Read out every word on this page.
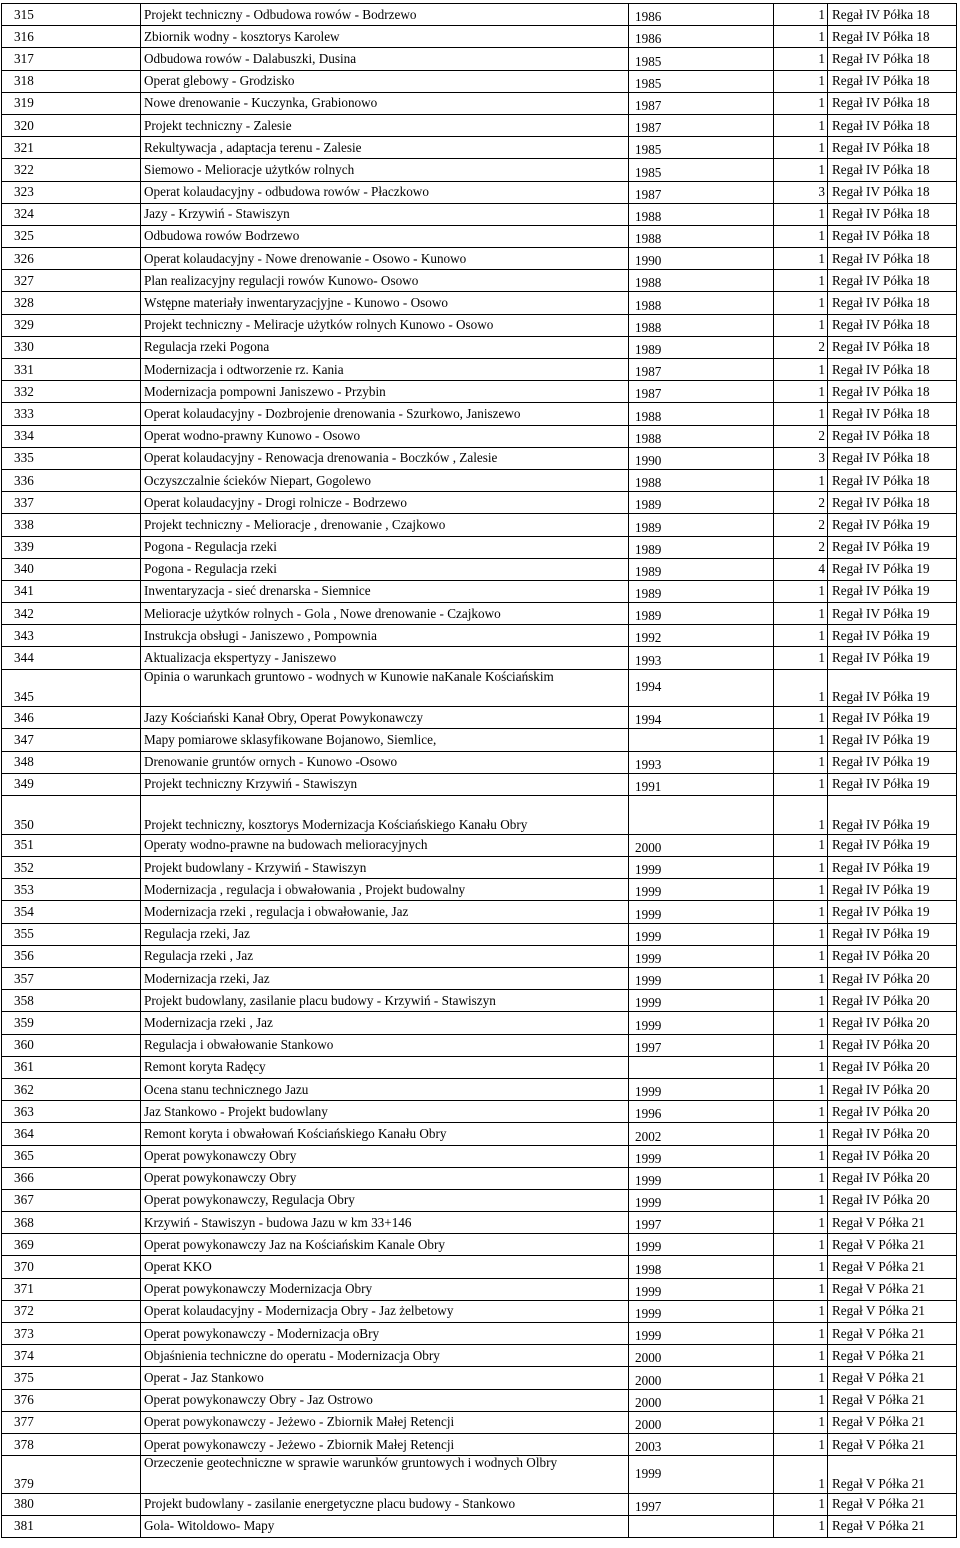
315	Projekt techniczny - Odbudowa rowów - Bodrzewo	1986	1	Regał IV Półka 18
316	Zbiornik wodny - kosztorys Karolew	1986	1	Regał IV Półka 18
317	Odbudowa rowów - Dalabuszki, Dusina	1985	1	Regał IV Półka 18
318	Operat glebowy - Grodzisko	1985	1	Regał IV Półka 18
319	Nowe drenowanie - Kuczynka, Grabionowo	1987	1	Regał IV Półka 18
320	Projekt techniczny - Zalesie	1987	1	Regał IV Półka 18
321	Rekultywacja , adaptacja terenu - Zalesie	1985	1	Regał IV Półka 18
322	Siemowo - Melioracje użytków rolnych	1985	1	Regał IV Półka 18
323	Operat kolaudacyjny - odbudowa rowów - Płaczkowo	1987	3	Regał IV Półka 18
324	Jazy - Krzywiń - Stawiszyn	1988	1	Regał IV Półka 18
325	Odbudowa rowów Bodrzewo	1988	1	Regał IV Półka 18
326	Operat kolaudacyjny - Nowe drenowanie - Osowo - Kunowo	1990	1	Regał IV Półka 18
327	Plan realizacyjny regulacji rowów Kunowo- Osowo	1988	1	Regał IV Półka 18
328	Wstępne materiały inwentaryzacjyjne - Kunowo - Osowo	1988	1	Regał IV Półka 18
329	Projekt techniczny - Meliracje użytków rolnych Kunowo - Osowo	1988	1	Regał IV Półka 18
330	Regulacja rzeki Pogona	1989	2	Regał IV Półka 18
331	Modernizacja i odtworzenie rz. Kania	1987	1	Regał IV Półka 18
332	Modernizacja pompowni Janiszewo - Przybin	1987	1	Regał IV Półka 18
333	Operat kolaudacyjny - Dozbrojenie drenowania - Szurkowo, Janiszewo	1988	1	Regał IV Półka 18
334	Operat wodno-prawny Kunowo - Osowo	1988	2	Regał IV Półka 18
335	Operat kolaudacyjny - Renowacja drenowania - Boczków , Zalesie	1990	3	Regał IV Półka 18
336	Oczyszczalnie ścieków Niepart, Gogolewo	1988	1	Regał IV Półka 18
337	Operat kolaudacyjny - Drogi rolnicze - Bodrzewo	1989	2	Regał IV Półka 18
338	Projekt techniczny - Melioracje , drenowanie , Czajkowo	1989	2	Regał IV Półka 19
339	Pogona - Regulacja rzeki	1989	2	Regał IV Półka 19
340	Pogona - Regulacja rzeki	1989	4	Regał IV Półka 19
341	Inwentaryzacja - sieć drenarska - Siemnice	1989	1	Regał IV Półka 19
342	Melioracje użytków rolnych - Gola , Nowe drenowanie - Czajkowo	1989	1	Regał IV Półka 19
343	Instrukcja obsługi - Janiszewo , Pompownia	1992	1	Regał IV Półka 19
344	Aktualizacja ekspertyzy - Janiszewo	1993	1	Regał IV Półka 19
345	Opinia o warunkach gruntowo - wodnych w Kunowie naKanale Kościańskim	1994	1	Regał IV Półka 19
346	Jazy Kościański Kanał Obry, Operat Powykonawczy	1994	1	Regał IV Półka 19
347	Mapy pomiarowe sklasyfikowane Bojanowo, Siemlice,		1	Regał IV Półka 19
348	Drenowanie gruntów ornych - Kunowo -Osowo	1993	1	Regał IV Półka 19
349	Projekt techniczny Krzywiń - Stawiszyn	1991	1	Regał IV Półka 19
350	Projekt techniczny, kosztorys Modernizacja Kościańskiego Kanału Obry		1	Regał IV Półka 19
351	Operaty wodno-prawne na budowach melioracyjnych	2000	1	Regał IV Półka 19
352	Projekt budowlany - Krzywiń - Stawiszyn	1999	1	Regał IV Półka 19
353	Modernizacja , regulacja i obwałowania , Projekt budowalny	1999	1	Regał IV Półka 19
354	Modernizacja rzeki , regulacja i obwałowanie, Jaz	1999	1	Regał IV Półka 19
355	Regulacja rzeki, Jaz	1999	1	Regał IV Półka 19
356	Regulacja rzeki , Jaz	1999	1	Regał IV Półka 20
357	Modernizacja rzeki, Jaz	1999	1	Regał IV Półka 20
358	Projekt budowlany, zasilanie placu budowy - Krzywiń - Stawiszyn	1999	1	Regał IV Półka 20
359	Modernizacja rzeki , Jaz	1999	1	Regał IV Półka 20
360	Regulacja i obwałowanie Stankowo	1997	1	Regał IV Półka 20
361	Remont koryta Radęcy		1	Regał IV Półka 20
362	Ocena stanu technicznego Jazu	1999	1	Regał IV Półka 20
363	Jaz Stankowo - Projekt budowlany	1996	1	Regał IV Półka 20
364	Remont koryta i obwałowań Kościańskiego Kanału Obry	2002	1	Regał IV Półka 20
365	Operat powykonawczy Obry	1999	1	Regał IV Półka 20
366	Operat powykonawczy Obry	1999	1	Regał IV Półka 20
367	Operat powykonawczy, Regulacja Obry	1999	1	Regał IV Półka 20
368	Krzywiń - Stawiszyn - budowa Jazu w km 33+146	1997	1	Regał V Półka 21
369	Operat powykonawczy Jaz na Kościańskim Kanale Obry	1999	1	Regał V Półka 21
370	Operat KKO	1998	1	Regał V Półka 21
371	Operat powykonawczy Modernizacja Obry	1999	1	Regał V Półka 21
372	Operat kolaudacyjny - Modernizacja Obry - Jaz żelbetowy	1999	1	Regał V Półka 21
373	Operat powykonawczy - Modernizacja oBry	1999	1	Regał V Półka 21
374	Objaśnienia techniczne do operatu - Modernizacja Obry	2000	1	Regał V Półka 21
375	Operat - Jaz Stankowo	2000	1	Regał V Półka 21
376	Operat powykonawczy Obry - Jaz Ostrowo	2000	1	Regał V Półka 21
377	Operat powykonawczy - Jeżewo - Zbiornik Małej Retencji	2000	1	Regał V Półka 21
378	Operat powykonawczy - Jeżewo - Zbiornik Małej Retencji	2003	1	Regał V Półka 21
379	Orzeczenie geotechniczne w sprawie warunków gruntowych i wodnych Olbry	1999	1	Regał V Półka 21
380	Projekt budowlany - zasilanie energetyczne placu budowy - Stankowo	1997	1	Regał V Półka 21
381	Gola- Witoldowo- Mapy		1	Regał V Półka 21
